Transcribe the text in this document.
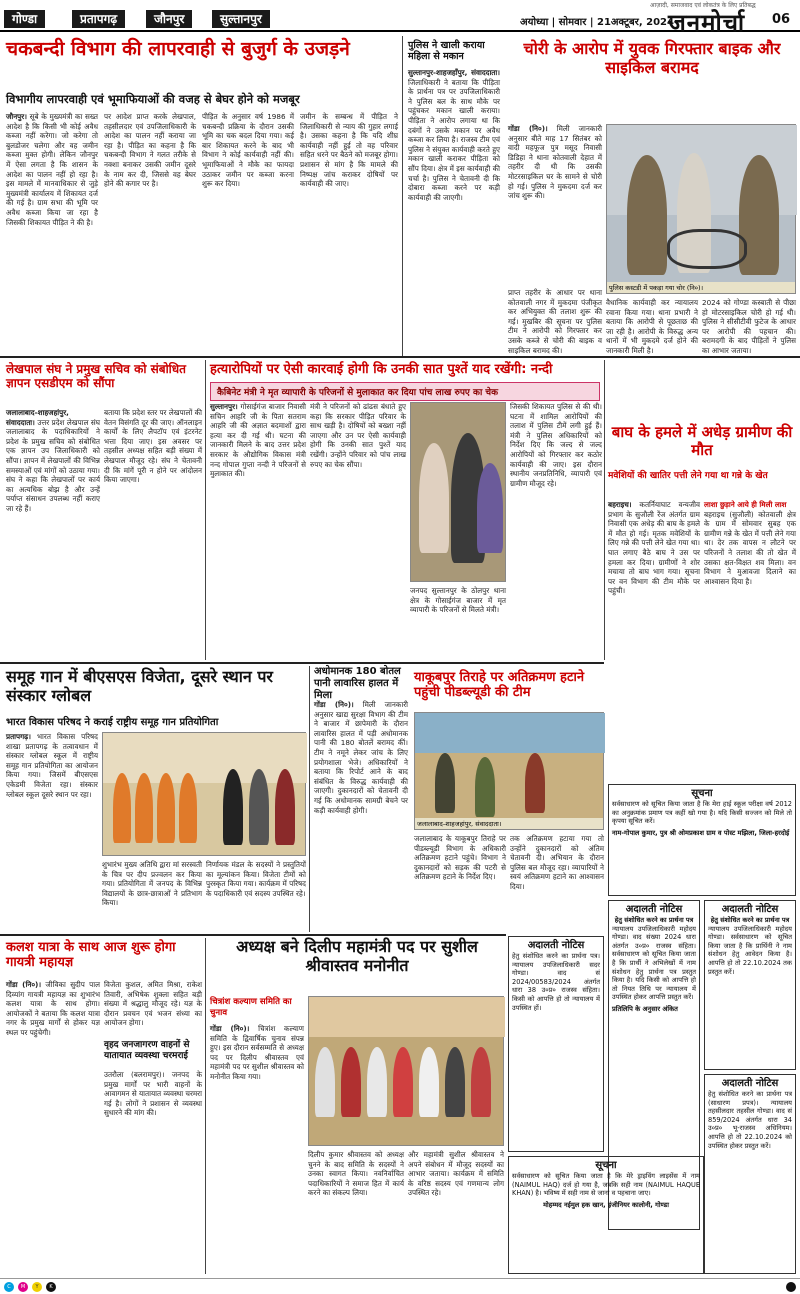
गोण्डा	प्रतापगढ़	जौनपुर	सुल्तानपुर
आज़ादी, समाजवाद एवं लोकतंत्र के लिए प्रतिबद्ध
अयोध्या | सोमवार | 21अक्टूबर, 2024
जनमोर्चा 06
चकबन्दी विभाग की लापरवाही से बुजुर्ग के उजड़ने
विभागीय लापरवाही एवं भूमाफियाओं की वजह से बेघर होने को मजबूर
जौनपुर। सूबे के मुख्यमंत्री का सख्त आदेश है कि किसी भी कोई अवैध कब्जा नहीं करेगा। जो करेगा तो बुलडोजर चलेगा और वह जमीन कब्जा मुक्त होगी। लेकिन जौनपुर में ऐसा लगता है कि शासन के आदेश का पालन नहीं हो रहा है। इस मामले में मानवाधिकार से जुड़े मुख्यमंत्री कार्यालय में शिकायत दर्ज की गई है। ग्राम सभा की भूमि पर अवैध कब्जा किया जा रहा है जिसकी शिकायत पीड़ित ने की है।
पर आदेश प्राप्त करके लेखपाल, तहसीलदार एवं उपजिलाधिकारी के आदेश का पालन नहीं कराया जा रहा है। पीड़ित का कहना है कि चकबन्दी विभाग ने गलत तरीके से नक्शा बनाकर उसकी जमीन दूसरे के नाम कर दी, जिससे वह बेघर होने की कगार पर है।
पीड़ित के अनुसार वर्ष 1986 में चकबन्दी प्रक्रिया के दौरान उसकी भूमि का चक बदल दिया गया। कई बार शिकायत करने के बाद भी विभाग ने कोई कार्यवाही नहीं की। भूमाफियाओं ने मौके का फायदा उठाकर जमीन पर कब्जा करना शुरू कर दिया।
जमीन के सम्बन्ध में पीड़ित ने जिलाधिकारी से न्याय की गुहार लगाई है। उसका कहना है कि यदि शीघ्र कार्यवाही नहीं हुई तो वह परिवार सहित धरने पर बैठने को मजबूर होगा। प्रशासन से मांग है कि मामले की निष्पक्ष जांच कराकर दोषियों पर कार्यवाही की जाए।
पुलिस ने खाली कराया महिला से मकान
सुल्तानपुर-शाहजहाँपुर, संवाददाता। जिलाधिकारी ने बताया कि पीड़िता के प्रार्थना पत्र पर उपजिलाधिकारी ने पुलिस बल के साथ मौके पर पहुंचकर मकान खाली कराया। पीड़िता ने आरोप लगाया था कि दबंगों ने उसके मकान पर अवैध कब्जा कर लिया है। राजस्व टीम एवं पुलिस ने संयुक्त कार्यवाही करते हुए मकान खाली कराकर पीड़िता को सौंप दिया। क्षेत्र में इस कार्यवाही की चर्चा है। पुलिस ने चेतावनी दी कि दोबारा कब्जा करने पर कड़ी कार्यवाही की जाएगी।
चोरी के आरोप में युवक गिरफ्तार बाइक और साइकिल बरामद
गोंडा (नि०)। मिली जानकारी अनुसार बीते माह 17 सितंबर को वादी महफूज पुत्र मसूद निवासी डिडिहा ने थाना कोतवाली देहात में तहरीर दी थी कि उसकी मोटरसाइकिल घर के सामने से चोरी हो गई। पुलिस ने मुकदमा दर्ज कर जांच शुरू की।
पुलिस कस्टडी में पकड़ा गया चोर (नि०)।
प्राप्त तहरीर के आधार पर थाना कोतवाली नगर में मुकदमा पंजीकृत कर अभियुक्त की तलाश शुरू की गई। मुखबिर की सूचना पर पुलिस टीम ने आरोपी को गिरफ्तार कर उसके कब्जे से चोरी की बाइक व साइकिल बरामद की।
वैधानिक कार्यवाही कर न्यायालय रवाना किया गया। थाना प्रभारी ने बताया कि आरोपी से पूछताछ की जा रही है। आरोपी के विरुद्ध अन्य थानों में भी मुकदमे दर्ज होने की जानकारी मिली है।
2024 को गोण्डा कस्बाती से पीछा हो मोटरसाइकिल चोरी हो गई थी। पुलिस ने सीसीटीवी फुटेज के आधार पर आरोपी की पहचान की। बरामदगी के बाद पीड़ितों ने पुलिस का आभार जताया।
लेखपाल संघ ने प्रमुख सचिव को संबोधित ज्ञापन एसडीएम को सौंपा
जलालाबाद-शाहजहांपुर, संवाददाता। उत्तर प्रदेश लेखपाल संघ जलालाबाद के पदाधिकारियों ने प्रदेश के प्रमुख सचिव को संबोधित एक ज्ञापन उप जिलाधिकारी को सौंपा। ज्ञापन में लेखपालों की विभिन्न समस्याओं एवं मांगों को उठाया गया। संघ ने कहा कि लेखपालों पर कार्य का अत्यधिक बोझ है और उन्हें पर्याप्त संसाधन उपलब्ध नहीं कराए जा रहे हैं।
बताया कि प्रदेश स्तर पर लेखपालों की वेतन विसंगति दूर की जाए। ऑनलाइन कार्यों के लिए लैपटॉप एवं इंटरनेट भत्ता दिया जाए। इस अवसर पर तहसील अध्यक्ष सहित बड़ी संख्या में लेखपाल मौजूद रहे। संघ ने चेतावनी दी कि मांगें पूरी न होने पर आंदोलन किया जाएगा।
हत्यारोपियों पर ऐसी कारवाई होगी कि उनकी सात पुश्तें याद रखेंगी: नन्दी
कैबिनेट मंत्री ने मृत व्यापारी के परिजनों से मुलाकात कर दिया पांच लाख रुपए का चेक
सुल्तानपुर। गोसाईगंज बाजार निवासी सचिन आहरि जी के पिता सतराम आहरि जी की अज्ञात बदमाशों द्वारा हत्या कर दी गई थी। घटना की जानकारी मिलने के बाद उत्तर प्रदेश सरकार के औद्योगिक विकास मंत्री नन्द गोपाल गुप्ता नन्दी ने परिजनों से मुलाकात की।
मंत्री ने परिजनों को ढांढस बंधाते हुए कहा कि सरकार पीड़ित परिवार के साथ खड़ी है। दोषियों को बख्शा नहीं जाएगा और उन पर ऐसी कार्यवाही होगी कि उनकी सात पुश्तें याद रखेंगी। उन्होंने परिवार को पांच लाख रुपए का चेक सौंपा।
जनपद सुल्तानपुर के ठोलपुर थाना क्षेत्र के गोसाईगंज बाजार में मृत व्यापारी के परिजनों से मिलते मंत्री।
जिसकी शिकायत पुलिस से की थी। घटना में शामिल आरोपियों की तलाश में पुलिस टीमें लगी हुई हैं। मंत्री ने पुलिस अधिकारियों को निर्देश दिए कि जल्द से जल्द आरोपियों को गिरफ्तार कर कठोर कार्यवाही की जाए। इस दौरान स्थानीय जनप्रतिनिधि, व्यापारी एवं ग्रामीण मौजूद रहे।
बाघ के हमले में अधेड़ ग्रामीण की मौत
मवेशियों की खातिर पत्ती लेने गया था गन्ने के खेत
बहराइच। कतर्नियाघाट वन्यजीव प्रभाग के सुजौली रेंज अंतर्गत ग्राम निवासी एक अधेड़ की बाघ के हमले में मौत हो गई। मृतक मवेशियों के लिए गन्ने की पत्ती लेने खेत गया था। घात लगाए बैठे बाघ ने उस पर हमला कर दिया। ग्रामीणों ने शोर मचाया तो बाघ भाग गया। सूचना पर वन विभाग की टीम मौके पर पहुंची।
लाशा छुड़ाने आये ही मिली लाश
बहराइच (सुजौली) कोतवाली क्षेत्र के ग्राम में सोमवार सुबह एक ग्रामीण गन्ने के खेत में पत्ती लेने गया था। देर तक वापस न लौटने पर परिजनों ने तलाश की तो खेत में उसका क्षत-विक्षत शव मिला। वन विभाग ने मुआवजा दिलाने का आश्वासन दिया है।
समूह गान में बीएसएस विजेता, दूसरे स्थान पर संस्कार ग्लोबल
भारत विकास परिषद ने कराई राष्ट्रीय समूह गान प्रतियोगिता
प्रतापगढ़। भारत विकास परिषद शाखा प्रतापगढ़ के तत्वावधान में संस्कार ग्लोबल स्कूल में राष्ट्रीय समूह गान प्रतियोगिता का आयोजन किया गया। जिसमें बीएसएस एकेडमी विजेता रहा। संस्कार ग्लोबल स्कूल दूसरे स्थान पर रहा।
शुभारंभ मुख्य अतिथि द्वारा मां सरस्वती के चित्र पर दीप प्रज्वलन कर किया गया। प्रतियोगिता में जनपद के विभिन्न विद्यालयों के छात्र-छात्राओं ने प्रतिभाग किया।
निर्णायक मंडल के सदस्यों ने प्रस्तुतियों का मूल्यांकन किया। विजेता टीमों को पुरस्कृत किया गया। कार्यक्रम में परिषद के पदाधिकारी एवं सदस्य उपस्थित रहे।
अधोमानक 180 बोतल पानी लावारिस हालत में मिला
गोंडा (नि०)। मिली जानकारी अनुसार खाद्य सुरक्षा विभाग की टीम ने बाजार में छापेमारी के दौरान लावारिस हालत में पड़ी अधोमानक पानी की 180 बोतलें बरामद कीं। टीम ने नमूने लेकर जांच के लिए प्रयोगशाला भेजे। अधिकारियों ने बताया कि रिपोर्ट आने के बाद संबंधित के विरुद्ध कार्यवाही की जाएगी। दुकानदारों को चेतावनी दी गई कि अधोमानक सामग्री बेचने पर कड़ी कार्यवाही होगी।
याकूबपुर तिराहे पर अतिक्रमण हटाने पहुंची पीडब्ल्यूडी की टीम
जलालाबाद-शाहजहांपुर, संवाददाता।
जलालाबाद के याकूबपुर तिराहे पर पीडब्ल्यूडी विभाग के अधिकारी अतिक्रमण हटाने पहुंचे। विभाग ने दुकानदारों को सड़क की पटरी से अतिक्रमण हटाने के निर्देश दिए।
तक अतिक्रमण हटाया गया तो उन्होंने दुकानदारों को अंतिम चेतावनी दी। अभियान के दौरान पुलिस बल मौजूद रहा। व्यापारियों ने स्वयं अतिक्रमण हटाने का आश्वासन दिया।
सूचना
सर्वसाधारण को सूचित किया जाता है कि मेरा हाई स्कूल परीक्षा वर्ष 2012 का अनुक्रमांक प्रमाण पत्र कहीं खो गया है। यदि किसी सज्जन को मिले तो कृपया सूचित करें।
नाम-गोपाल कुमार, पुत्र श्री ओमप्रकाश ग्राम व पोस्ट मझिला, जिला-हरदोई
अदालती नोटिस
हेतु संशोधित करने का प्रार्थना पत्र
न्यायालय उपजिलाधिकारी महोदय गोण्डा। वाद संख्या 2024 धारा अंतर्गत उ०प्र० राजस्व संहिता। सर्वसाधारण को सूचित किया जाता है कि प्रार्थी ने अभिलेखों में नाम संशोधन हेतु प्रार्थना पत्र प्रस्तुत किया है। यदि किसी को आपत्ति हो तो नियत तिथि पर न्यायालय में उपस्थित होकर आपत्ति प्रस्तुत करें।
प्रतिलिपि के अनुसार अंकित
अदालती नोटिस
हेतु संशोधित करने का प्रार्थना पत्र
न्यायालय उपजिलाधिकारी महोदय गोण्डा। सर्वसाधारण को सूचित किया जाता है कि प्रार्थिनी ने नाम संशोधन हेतु आवेदन किया है। आपत्ति हो तो 22.10.2024 तक प्रस्तुत करें।
अदालती नोटिस
हेतु संशोधित करने का प्रार्थना पत्र (साधारण प्रपत्र)। न्यायालय तहसीलदार तहसील गोण्डा। वाद सं 859/2024 अंतर्गत धारा 34 उ०प्र० भू-राजस्व अधिनियम। आपत्ति हो तो 22.10.2024 को उपस्थित होकर प्रस्तुत करें।
अदालती नोटिस
हेतु संशोधित करने का प्रार्थना पत्र। न्यायालय उपजिलाधिकारी सदर गोण्डा। वाद सं 2024/00583/2024 अंतर्गत धारा 38 उ०प्र० राजस्व संहिता। किसी को आपत्ति हो तो न्यायालय में उपस्थित हों।
सूचना
सर्वसाधारण को सूचित किया जाता है कि मेरे ड्राइविंग लाइसेंस में नाम (NAIMUL HAQ) दर्ज हो गया है, जबकि सही नाम (NAIMUL HAQUE KHAN) है। भविष्य में सही नाम से जाना व पहचाना जाए।
मोहम्मद नईमुल हक खान, इंजीनियर कालोनी, गोण्डा
कलश यात्रा के साथ आज शुरू होगा गायत्री महायज्ञ
गोंडा (नि०)। जीविका सुदीप पाल दिव्यांग गायत्री महायज्ञ का शुभारंभ कलश यात्रा के साथ होगा। आयोजकों ने बताया कि कलश यात्रा नगर के प्रमुख मार्गों से होकर यज्ञ स्थल पर पहुंचेगी।
विजेता कुशल, अमित मिश्रा, राकेश तिवारी, अभिषेक शुक्ला सहित बड़ी संख्या में श्रद्धालु मौजूद रहे। यज्ञ के दौरान प्रवचन एवं भजन संध्या का आयोजन होगा।
वृहद जनजागरण वाहनों से यातायात व्यवस्था चरमराई
उतरौला (बलरामपुर)। जनपद के प्रमुख मार्गों पर भारी वाहनों के आवागमन से यातायात व्यवस्था चरमरा गई है। लोगों ने प्रशासन से व्यवस्था सुधारने की मांग की।
अध्यक्ष बने दिलीप महामंत्री पद पर सुशील श्रीवास्तव मनोनीत
चित्रांश कल्याण समिति का चुनाव
गोंडा (नि०)। चित्रांश कल्याण समिति के द्विवार्षिक चुनाव संपन्न हुए। इस दौरान सर्वसम्मति से अध्यक्ष पद पर दिलीप श्रीवास्तव एवं महामंत्री पद पर सुशील श्रीवास्तव को मनोनीत किया गया।
दिलीप कुमार श्रीवास्तव को अध्यक्ष चुनने के बाद समिति के सदस्यों ने उनका स्वागत किया। नवनिर्वाचित पदाधिकारियों ने समाज हित में कार्य करने का संकल्प लिया।
और महामंत्री सुशील श्रीवास्तव ने अपने संबोधन में मौजूद सदस्यों का आभार जताया। कार्यक्रम में समिति के वरिष्ठ सदस्य एवं गणमान्य लोग उपस्थित रहे।
C	M	Y	K
